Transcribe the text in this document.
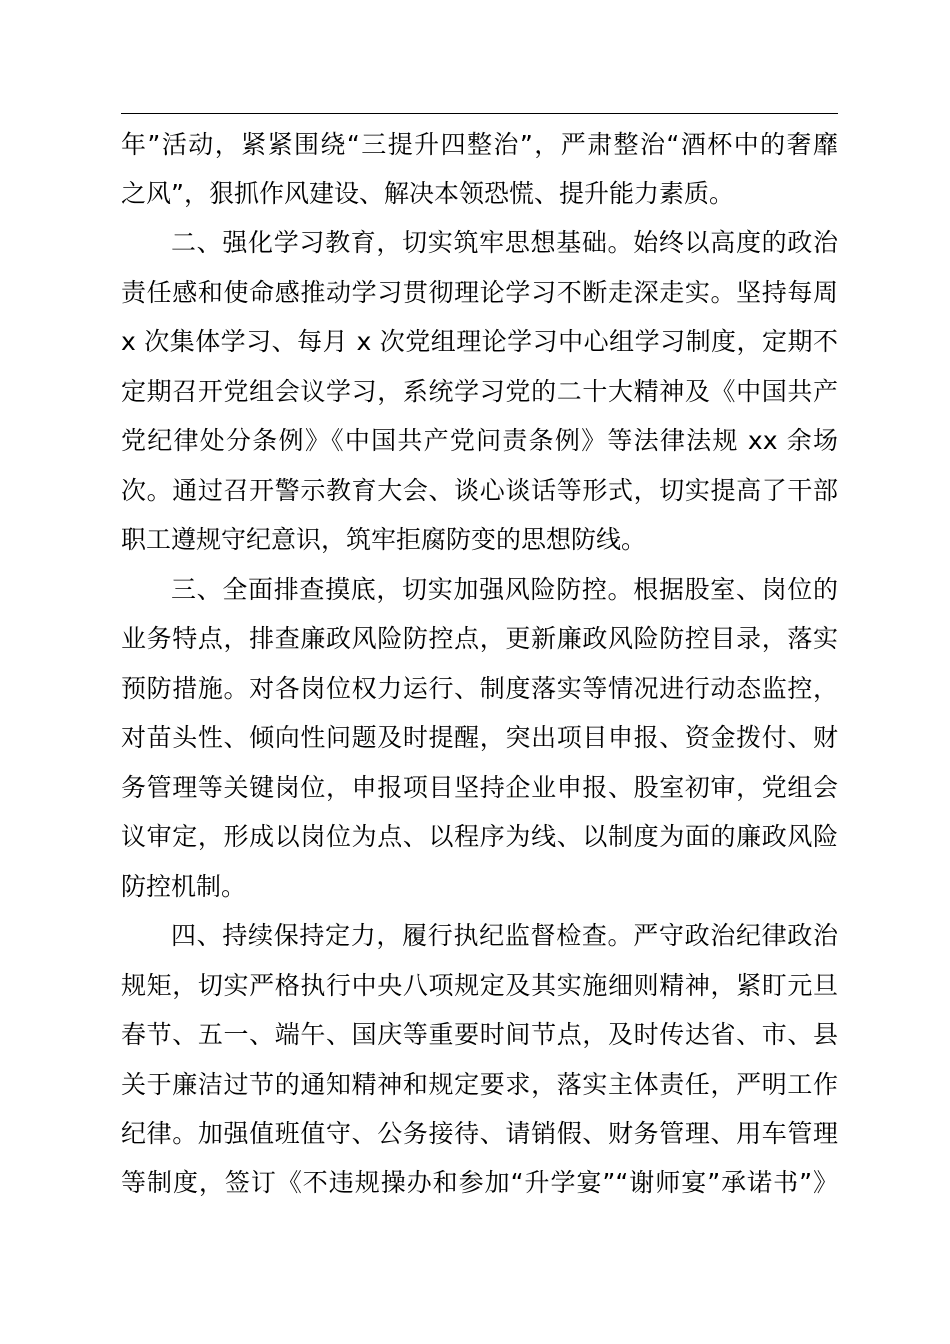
年”活动，紧紧围绕“三提升四整治”，严肃整治“酒杯中的奢靡
之风”，狠抓作风建设、解决本领恐慌、提升能力素质。
二、强化学习教育，切实筑牢思想基础。始终以高度的政治
责任感和使命感推动学习贯彻理论学习不断走深走实。坚持每周
x 次集体学习、每月 x 次党组理论学习中心组学习制度，定期不
定期召开党组会议学习，系统学习党的二十大精神及《中国共产
党纪律处分条例》《中国共产党问责条例》等法律法规 xx 余场
次。通过召开警示教育大会、谈心谈话等形式，切实提高了干部
职工遵规守纪意识，筑牢拒腐防变的思想防线。
三、全面排查摸底，切实加强风险防控。根据股室、岗位的
业务特点，排查廉政风险防控点，更新廉政风险防控目录，落实
预防措施。对各岗位权力运行、制度落实等情况进行动态监控，
对苗头性、倾向性问题及时提醒，突出项目申报、资金拨付、财
务管理等关键岗位，申报项目坚持企业申报、股室初审，党组会
议审定，形成以岗位为点、以程序为线、以制度为面的廉政风险
防控机制。
四、持续保持定力，履行执纪监督检查。严守政治纪律政治
规矩，切实严格执行中央八项规定及其实施细则精神，紧盯元旦
春节、五一、端午、国庆等重要时间节点，及时传达省、市、县
关于廉洁过节的通知精神和规定要求，落实主体责任，严明工作
纪律。加强值班值守、公务接待、请销假、财务管理、用车管理
等制度，签订《不违规操办和参加“升学宴”“谢师宴”承诺书”》
